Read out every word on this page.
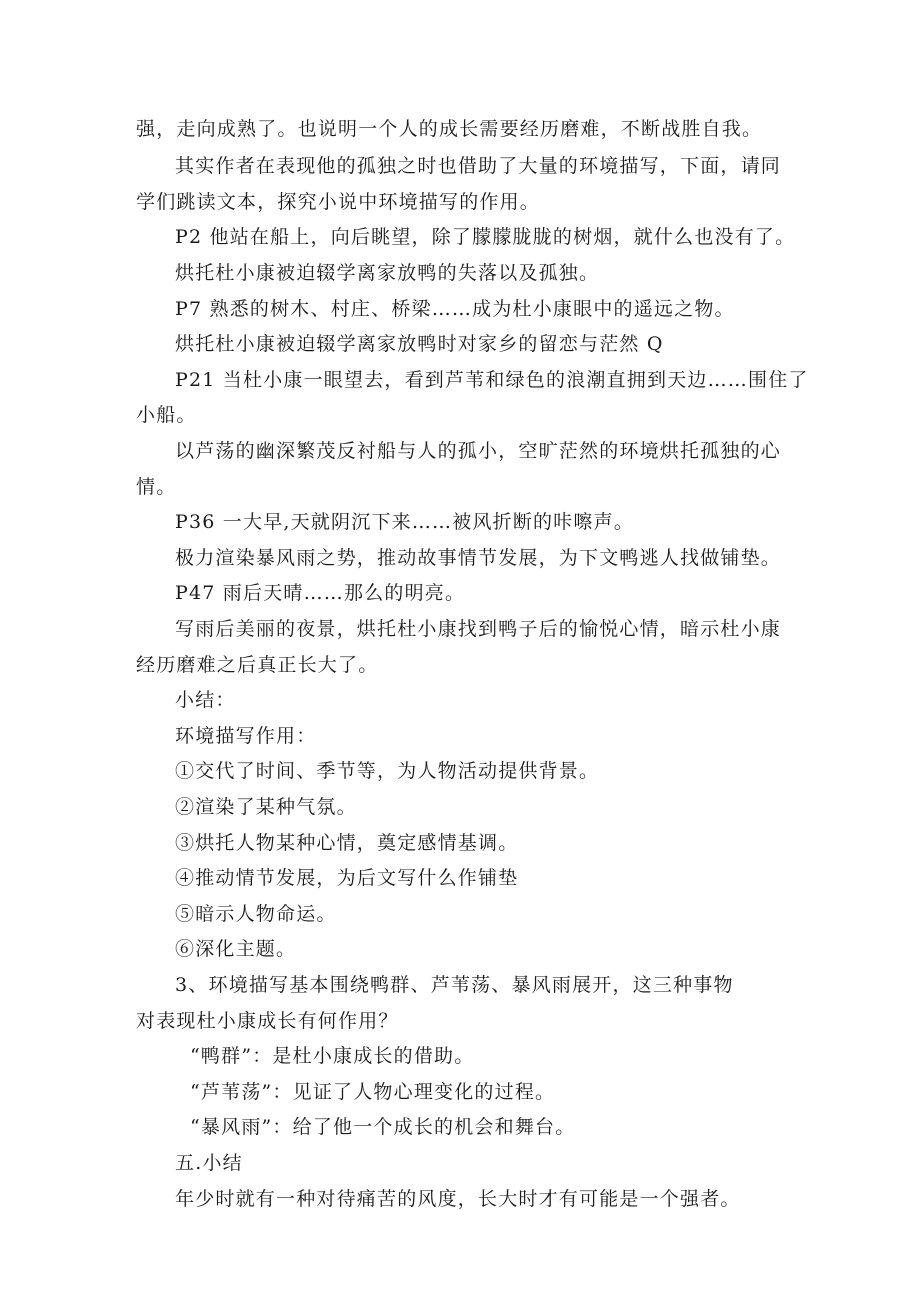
强，走向成熟了。也说明一个人的成长需要经历磨难，不断战胜自我。
其实作者在表现他的孤独之时也借助了大量的环境描写，下面，请同
学们跳读文本，探究小说中环境描写的作用。
P2 他站在船上，向后眺望，除了朦朦胧胧的树烟，就什么也没有了。
烘托杜小康被迫辍学离家放鸭的失落以及孤独。
P7 熟悉的树木、村庄、桥梁……成为杜小康眼中的遥远之物。
烘托杜小康被迫辍学离家放鸭时对家乡的留恋与茫然 Q
P21 当杜小康一眼望去，看到芦苇和绿色的浪潮直拥到天边……围住了
小船。
以芦荡的幽深繁茂反衬船与人的孤小，空旷茫然的环境烘托孤独的心
情。
P36 一大早,天就阴沉下来……被风折断的咔嚓声。
极力渲染暴风雨之势，推动故事情节发展，为下文鸭逃人找做铺垫。
P47 雨后天晴……那么的明亮。
写雨后美丽的夜景，烘托杜小康找到鸭子后的愉悦心情，暗示杜小康
经历磨难之后真正长大了。
小结：
环境描写作用：
①交代了时间、季节等，为人物活动提供背景。
②渲染了某种气氛。
③烘托人物某种心情，奠定感情基调。
④推动情节发展，为后文写什么作铺垫
⑤暗示人物命运。
⑥深化主题。
3、环境描写基本围绕鸭群、芦苇荡、暴风雨展开，这三种事物
对表现杜小康成长有何作用？
“鸭群”：是杜小康成长的借助。
“芦苇荡”：见证了人物心理变化的过程。
“暴风雨”：给了他一个成长的机会和舞台。
五.小结
年少时就有一种对待痛苦的风度，长大时才有可能是一个强者。
